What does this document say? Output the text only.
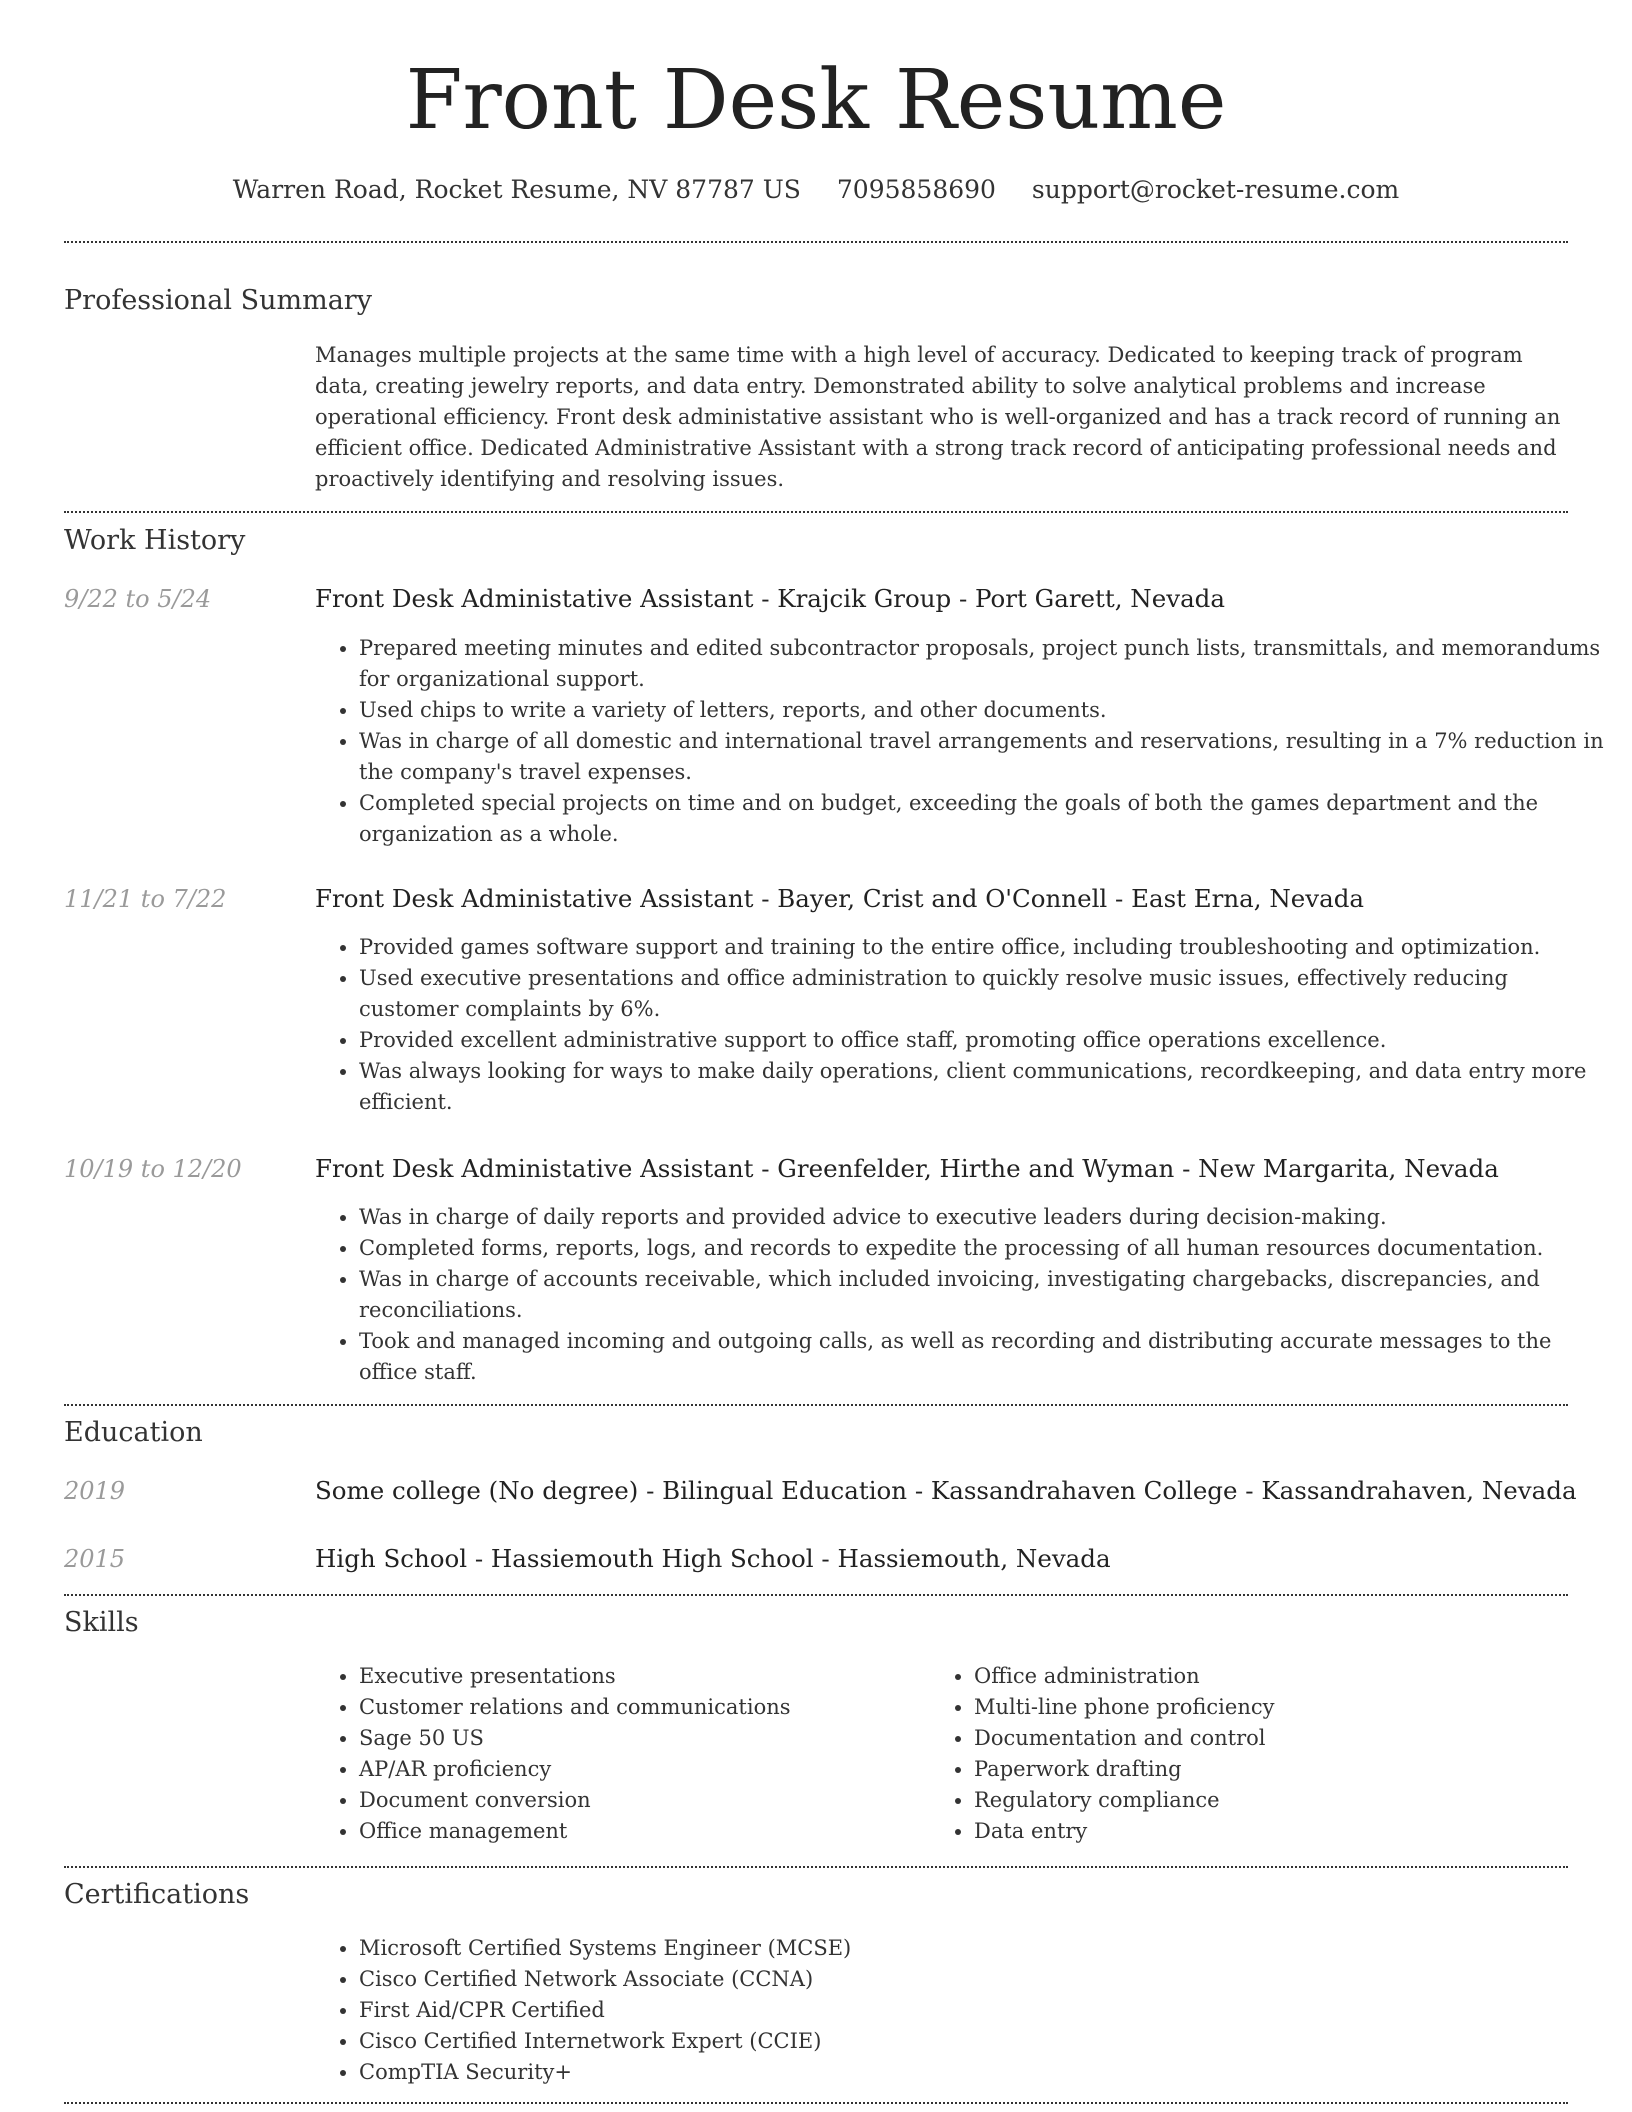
Front Desk Resume
Warren Road, Rocket Resume, NV 87787 US 7095858690 support@rocket-resume.com
Professional Summary

Manages multiple projects at the same time with a high level of accuracy. Dedicated to keeping track of program data, creating jewelry reports, and data entry. Demonstrated ability to solve analytical problems and increase operational efficiency. Front desk administative assistant who is well-organized and has a track record of running an efficient office. Dedicated Administrative Assistant with a strong track record of anticipating professional needs and proactively identifying and resolving issues.

Work History
9/22 to 5/24	Front Desk Administative Assistant - Krajcik Group - Port Garett, Nevada
• Prepared meeting minutes and edited subcontractor proposals, project punch lists, transmittals, and memorandums for organizational support.
• Used chips to write a variety of letters, reports, and other documents.
• Was in charge of all domestic and international travel arrangements and reservations, resulting in a 7% reduction in the company's travel expenses.
• Completed special projects on time and on budget, exceeding the goals of both the games department and the organization as a whole.
11/21 to 7/22	Front Desk Administative Assistant - Bayer, Crist and O'Connell - East Erna, Nevada
• Provided games software support and training to the entire office, including troubleshooting and optimization.
• Used executive presentations and office administration to quickly resolve music issues, effectively reducing customer complaints by 6%.
• Provided excellent administrative support to office staff, promoting office operations excellence.
• Was always looking for ways to make daily operations, client communications, recordkeeping, and data entry more efficient.
10/19 to 12/20	Front Desk Administative Assistant - Greenfelder, Hirthe and Wyman - New Margarita, Nevada
• Was in charge of daily reports and provided advice to executive leaders during decision-making.
• Completed forms, reports, logs, and records to expedite the processing of all human resources documentation.
• Was in charge of accounts receivable, which included invoicing, investigating chargebacks, discrepancies, and reconciliations.
• Took and managed incoming and outgoing calls, as well as recording and distributing accurate messages to the office staff.
Education
2019	Some college (No degree) - Bilingual Education - Kassandrahaven College - Kassandrahaven, Nevada
2015	High School - Hassiemouth High School - Hassiemouth, Nevada
Skills
• Executive presentations
• Customer relations and communications
• Sage 50 US
• AP/AR proficiency
• Document conversion
• Office management
• Office administration
• Multi-line phone proficiency
• Documentation and control
• Paperwork drafting
• Regulatory compliance
• Data entry
Certifications
• Microsoft Certified Systems Engineer (MCSE)
• Cisco Certified Network Associate (CCNA)
• First Aid/CPR Certified
• Cisco Certified Internetwork Expert (CCIE)
• CompTIA Security+
